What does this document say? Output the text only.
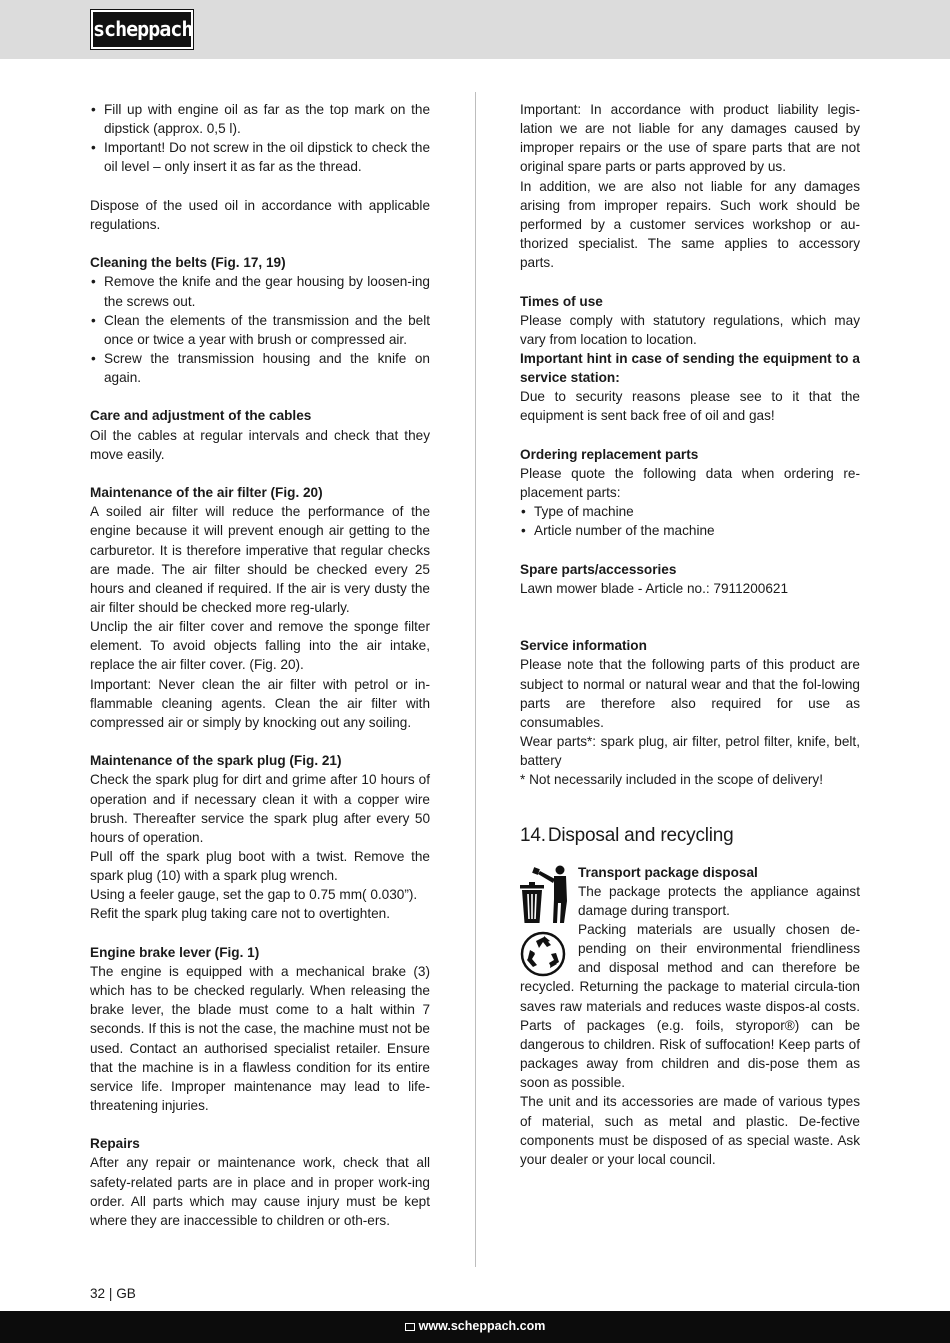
scheppach
• Fill up with engine oil as far as the top mark on the dipstick (approx. 0,5 l).
• Important! Do not screw in the oil dipstick to check the oil level – only insert it as far as the thread.

Dispose of the used oil in accordance with applicable regulations.

Cleaning the belts (Fig. 17, 19)

• Remove the knife and the gear housing by loosen-ing the screws out.
• Clean the elements of the transmission and the belt once or twice a year with brush or compressed air.
• Screw the transmission housing and the knife on again.

Care and adjustment of the cables

Oil the cables at regular intervals and check that they move easily.

Maintenance of the air filter (Fig. 20)

A soiled air filter will reduce the performance of the engine because it will prevent enough air getting to the carburetor. It is therefore imperative that regular checks are made. The air filter should be checked every 25 hours and cleaned if required. If the air is very dusty the air filter should be checked more reg-ularly.

Unclip the air filter cover and remove the sponge filter element. To avoid objects falling into the air intake, replace the air filter cover. (Fig. 20).

Important: Never clean the air filter with petrol or in-flammable cleaning agents. Clean the air filter with compressed air or simply by knocking out any soiling.

Maintenance of the spark plug (Fig. 21)

Check the spark plug for dirt and grime after 10 hours of operation and if necessary clean it with a copper wire brush. Thereafter service the spark plug after every 50 hours of operation.

Pull off the spark plug boot with a twist. Remove the spark plug (10) with a spark plug wrench.

Using a feeler gauge, set the gap to 0.75 mm( 0.030”).

Refit the spark plug taking care not to overtighten.

Engine brake lever (Fig. 1)

The engine is equipped with a mechanical brake (3) which has to be checked regularly. When releasing the brake lever, the blade must come to a halt within 7 seconds. If this is not the case, the machine must not be used. Contact an authorised specialist retailer. Ensure that the machine is in a flawless condition for its entire service life. Improper maintenance may lead to life-threatening injuries.

Repairs

After any repair or maintenance work, check that all safety-related parts are in place and in proper work-ing order. All parts which may cause injury must be kept where they are inaccessible to children or oth-ers.

Important: In accordance with product liability legis-lation we are not liable for any damages caused by improper repairs or the use of spare parts that are not original spare parts or parts approved by us.

In addition, we are also not liable for any damages arising from improper repairs. Such work should be performed by a customer services workshop or au-thorized specialist. The same applies to accessory parts.

Times of use

Please comply with statutory regulations, which may vary from location to location.

Important hint in case of sending the equipment to a service station:

Due to security reasons please see to it that the equipment is sent back free of oil and gas!

Ordering replacement parts

Please quote the following data when ordering re-placement parts:

• Type of machine
• Article number of the machine

Spare parts/accessories

Lawn mower blade - Article no.: 7911200621

Service information

Please note that the following parts of this product are subject to normal or natural wear and that the fol-lowing parts are therefore also required for use as consumables.

Wear parts*: spark plug, air filter, petrol filter, knife, belt, battery

* Not necessarily included in the scope of delivery!

14. Disposal and recycling

Transport package disposal

The package protects the appliance against damage during transport.

Packing materials are usually chosen de-pending on their environmental friendliness and disposal method and can therefore be recycled. Returning the package to material circula-tion saves raw materials and reduces waste dispos-al costs. Parts of packages (e.g. foils, styropor®) can be dangerous to children. Risk of suffocation! Keep parts of packages away from children and dis-pose them as soon as possible.

The unit and its accessories are made of various types of material, such as metal and plastic. De-fective components must be disposed of as special waste. Ask your dealer or your local council.

32 | GB
www.scheppach.com
